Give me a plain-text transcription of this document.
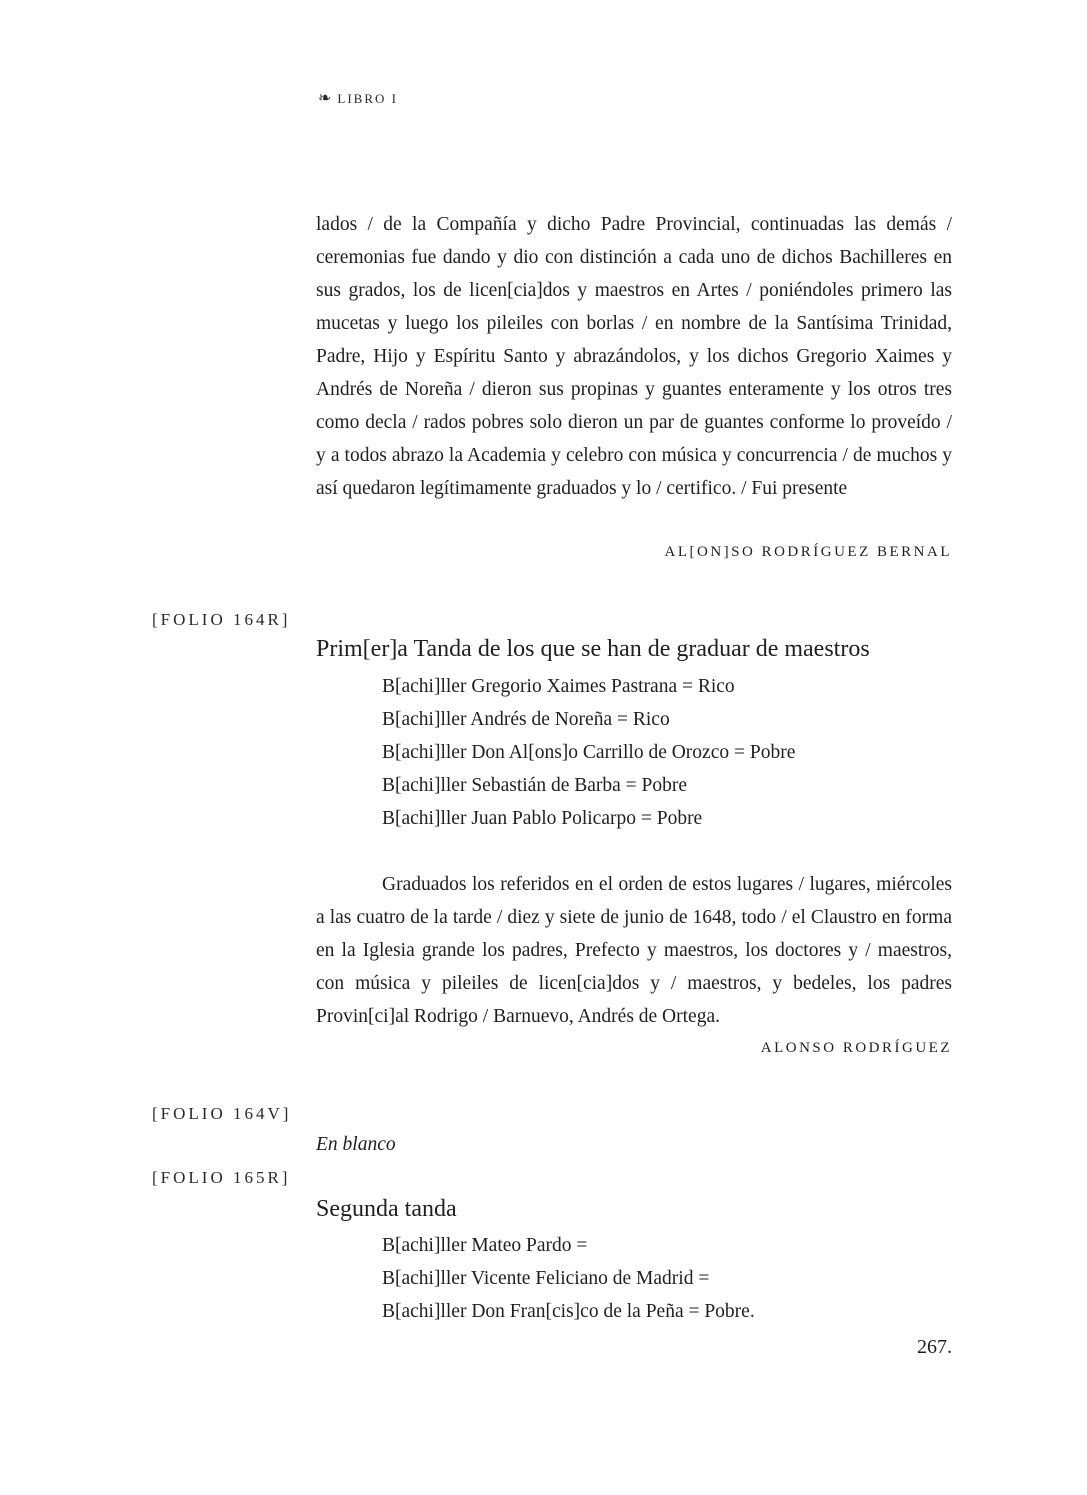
❧ LIBRO I

lados / de la Compañía y dicho Padre Provincial, continuadas las demás / ceremonias fue dando y dio con distinción a cada uno de dichos Bachilleres en sus grados, los de licen[cia]dos y maestros en Artes / poniéndoles primero las mucetas y luego los pileiles con borlas / en nombre de la Santísima Trinidad, Padre, Hijo y Espíritu Santo y abrazándolos, y los dichos Gregorio Xaimes y Andrés de Noreña / dieron sus propinas y guantes enteramente y los otros tres como decla / rados pobres solo dieron un par de guantes conforme lo proveído / y a todos abrazo la Academia y celebro con música y concurrencia / de muchos y así quedaron legítimamente graduados y lo / certifico. / Fui presente

AL[ON]SO RODRÍGUEZ BERNAL
[FOLIO 164R]
Prim[er]a Tanda de los que se han de graduar de maestros
B[achi]ller Gregorio Xaimes Pastrana = Rico
B[achi]ller Andrés de Noreña = Rico
B[achi]ller Don Al[ons]o Carrillo de Orozco = Pobre
B[achi]ller Sebastián de Barba = Pobre
B[achi]ller Juan Pablo Policarpo = Pobre

Graduados los referidos en el orden de estos lugares / lugares, miércoles a las cuatro de la tarde / diez y siete de junio de 1648, todo / el Claustro en forma en la Iglesia grande los padres, Prefecto y maestros, los doctores y / maestros, con música y pileiles de licen[cia]dos y / maestros, y bedeles, los padres Provin[ci]al Rodrigo / Barnuevo, Andrés de Ortega.

ALONSO RODRÍGUEZ
[FOLIO 164V]
En blanco
[FOLIO 165R]
Segunda tanda
B[achi]ller Mateo Pardo =
B[achi]ller Vicente Feliciano de Madrid =
B[achi]ller Don Fran[cis]co de la Peña = Pobre.
267.
